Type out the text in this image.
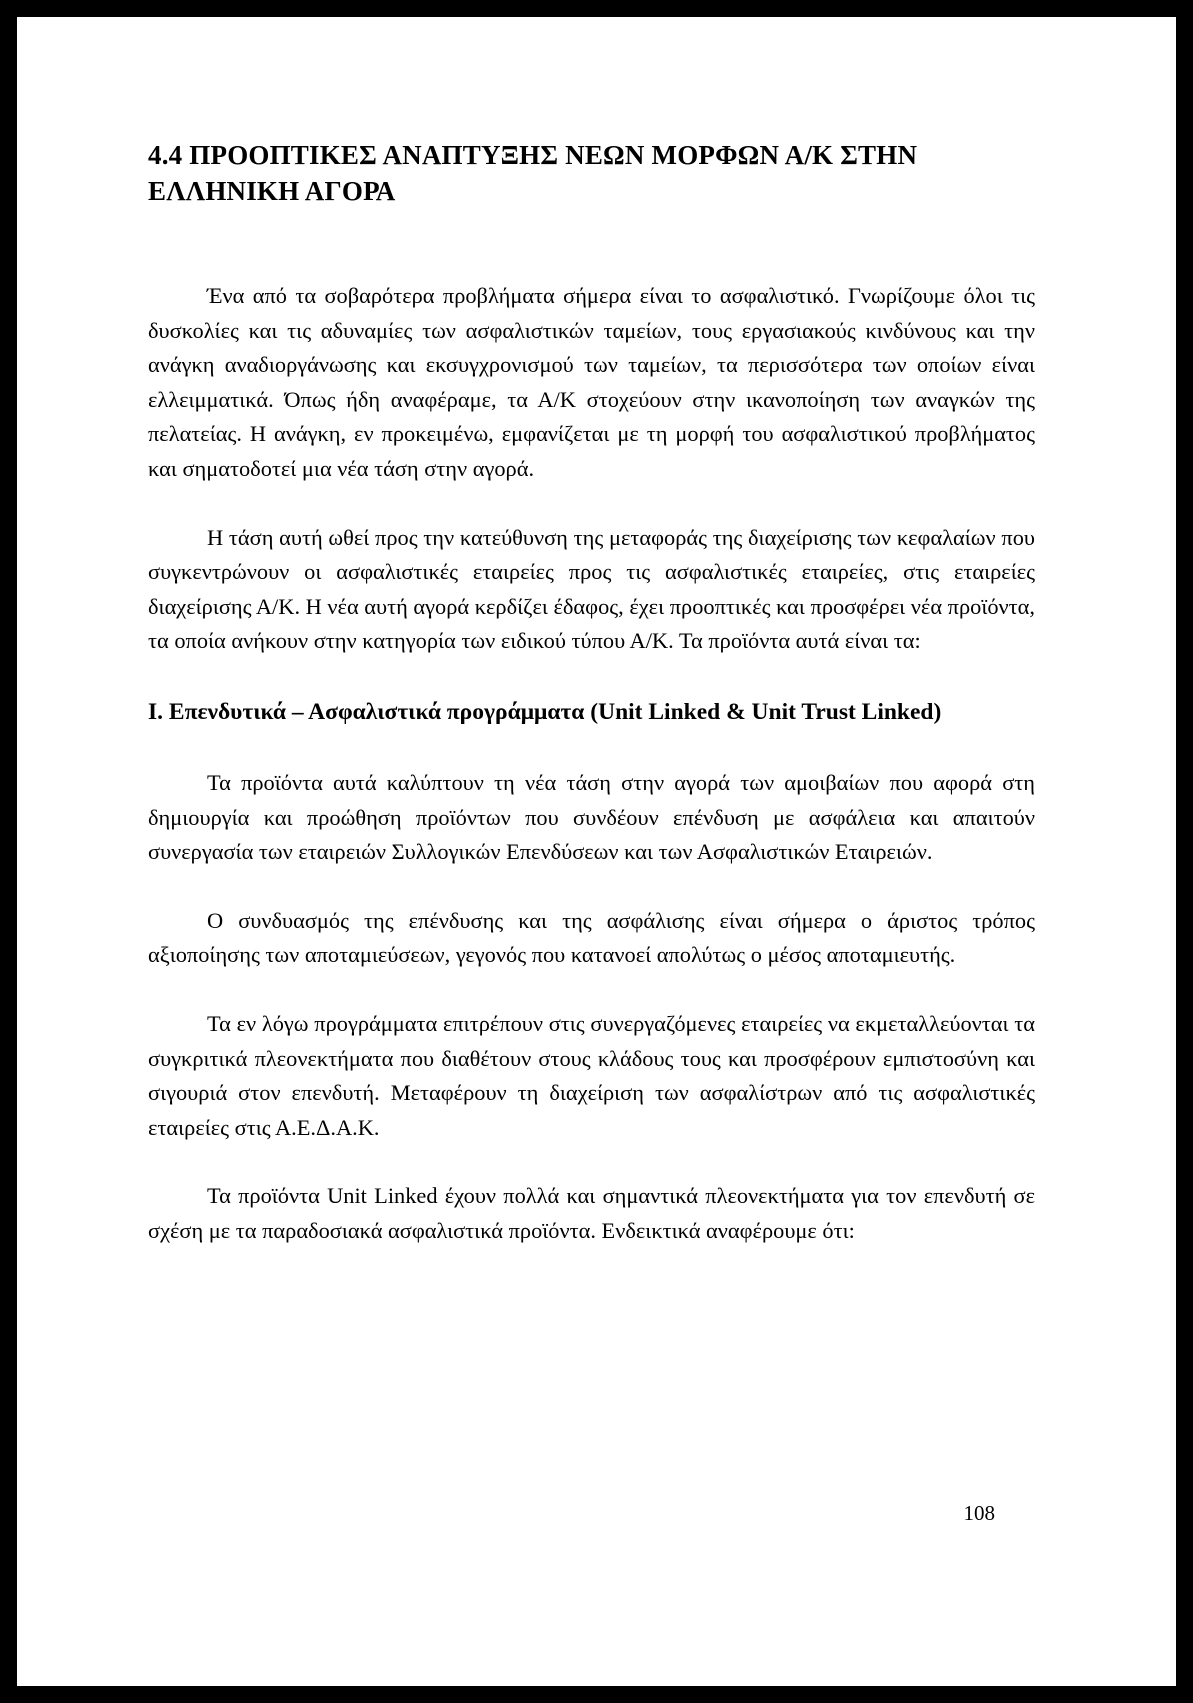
4.4 ΠΡΟΟΠΤΙΚΕΣ ΑΝΑΠΤΥΞΗΣ ΝΕΩΝ ΜΟΡΦΩΝ Α/Κ ΣΤΗΝ ΕΛΛΗΝΙΚΗ ΑΓΟΡΑ

Ένα από τα σοβαρότερα προβλήματα σήμερα είναι το ασφαλιστικό. Γνωρίζουμε όλοι τις δυσκολίες και τις αδυναμίες των ασφαλιστικών ταμείων, τους εργασιακούς κινδύνους και την ανάγκη αναδιοργάνωσης και εκσυγχρονισμού των ταμείων, τα περισσότερα των οποίων είναι ελλειμματικά. Όπως ήδη αναφέραμε, τα Α/Κ στοχεύουν στην ικανοποίηση των αναγκών της πελατείας. Η ανάγκη, εν προκειμένω, εμφανίζεται με τη μορφή του ασφαλιστικού προβλήματος και σηματοδοτεί μια νέα τάση στην αγορά.

Η τάση αυτή ωθεί προς την κατεύθυνση της μεταφοράς της διαχείρισης των κεφαλαίων που συγκεντρώνουν οι ασφαλιστικές εταιρείες προς τις ασφαλιστικές εταιρείες, στις εταιρείες διαχείρισης Α/Κ. Η νέα αυτή αγορά κερδίζει έδαφος, έχει προοπτικές και προσφέρει νέα προϊόντα, τα οποία ανήκουν στην κατηγορία των ειδικού τύπου Α/Κ. Τα προϊόντα αυτά είναι τα:

Ι. Επενδυτικά – Ασφαλιστικά προγράμματα (Unit Linked & Unit Trust Linked)

Τα προϊόντα αυτά καλύπτουν τη νέα τάση στην αγορά των αμοιβαίων που αφορά στη δημιουργία και προώθηση προϊόντων που συνδέουν επένδυση με ασφάλεια και απαιτούν συνεργασία των εταιρειών Συλλογικών Επενδύσεων και των Ασφαλιστικών Εταιρειών.

Ο συνδυασμός της επένδυσης και της ασφάλισης είναι σήμερα ο άριστος τρόπος αξιοποίησης των αποταμιεύσεων, γεγονός που κατανοεί απολύτως ο μέσος αποταμιευτής.

Τα εν λόγω προγράμματα επιτρέπουν στις συνεργαζόμενες εταιρείες να εκμεταλλεύονται τα συγκριτικά πλεονεκτήματα που διαθέτουν στους κλάδους τους και προσφέρουν εμπιστοσύνη και σιγουριά στον επενδυτή. Μεταφέρουν τη διαχείριση των ασφαλίστρων από τις ασφαλιστικές εταιρείες στις Α.Ε.Δ.Α.Κ.

Τα προϊόντα Unit Linked έχουν πολλά και σημαντικά πλεονεκτήματα για τον επενδυτή σε σχέση με τα παραδοσιακά ασφαλιστικά προϊόντα. Ενδεικτικά αναφέρουμε ότι:

108
